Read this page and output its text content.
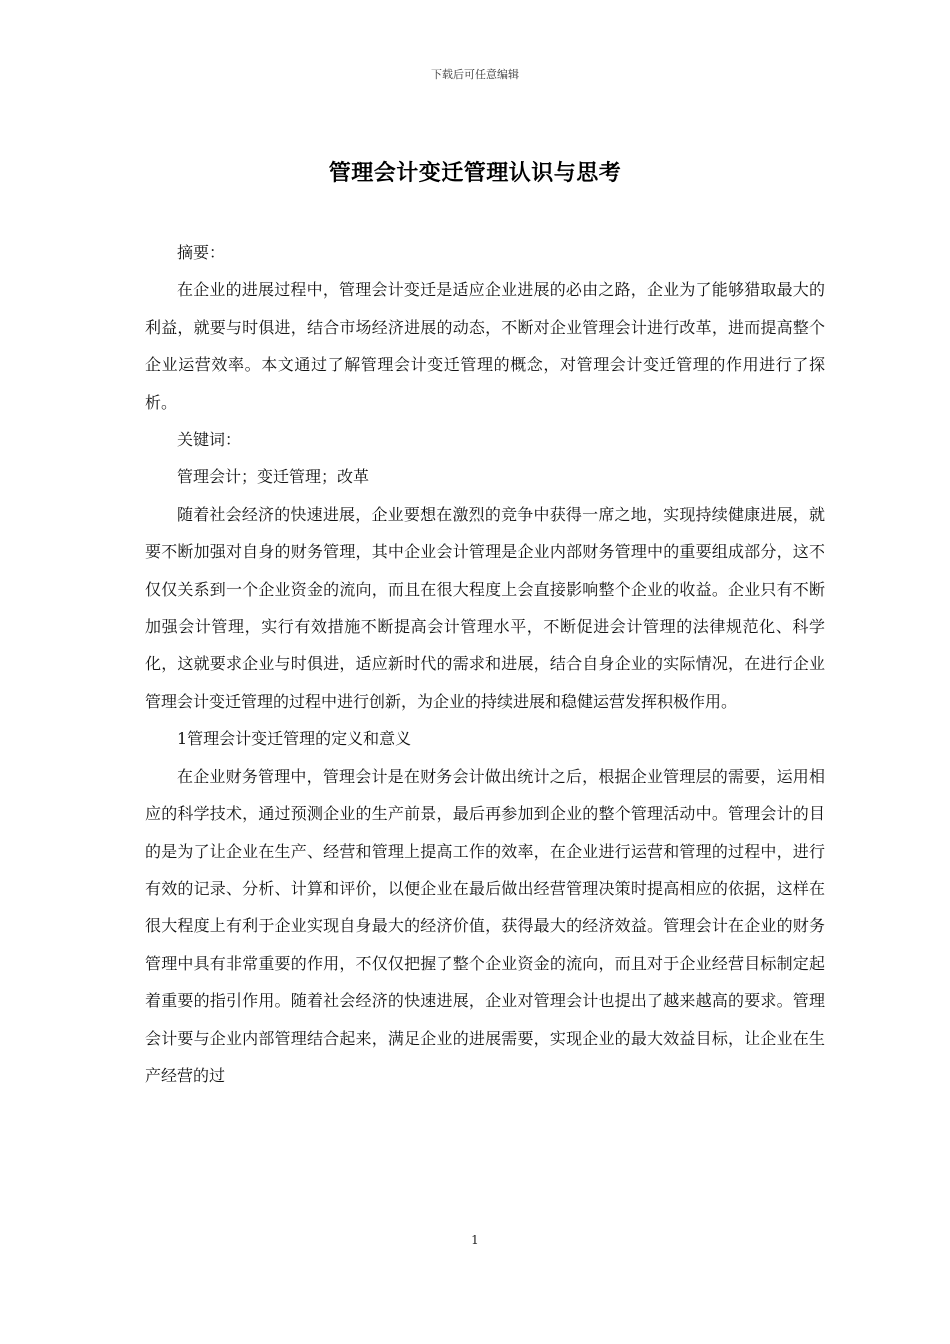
下载后可任意编辑
管理会计变迁管理认识与思考

摘要：

在企业的进展过程中，管理会计变迁是适应企业进展的必由之路，企业为了能够猎取最大的利益，就要与时俱进，结合市场经济进展的动态，不断对企业管理会计进行改革，进而提高整个企业运营效率。本文通过了解管理会计变迁管理的概念，对管理会计变迁管理的作用进行了探析。

关键词：

管理会计；变迁管理；改革

随着社会经济的快速进展，企业要想在激烈的竞争中获得一席之地，实现持续健康进展，就要不断加强对自身的财务管理，其中企业会计管理是企业内部财务管理中的重要组成部分，这不仅仅关系到一个企业资金的流向，而且在很大程度上会直接影响整个企业的收益。企业只有不断加强会计管理，实行有效措施不断提高会计管理水平，不断促进会计管理的法律规范化、科学化，这就要求企业与时俱进，适应新时代的需求和进展，结合自身企业的实际情况，在进行企业管理会计变迁管理的过程中进行创新，为企业的持续进展和稳健运营发挥积极作用。

1管理会计变迁管理的定义和意义

在企业财务管理中，管理会计是在财务会计做出统计之后，根据企业管理层的需要，运用相应的科学技术，通过预测企业的生产前景，最后再参加到企业的整个管理活动中。管理会计的目的是为了让企业在生产、经营和管理上提高工作的效率，在企业进行运营和管理的过程中，进行有效的记录、分析、计算和评价，以便企业在最后做出经营管理决策时提高相应的依据，这样在很大程度上有利于企业实现自身最大的经济价值，获得最大的经济效益。管理会计在企业的财务管理中具有非常重要的作用，不仅仅把握了整个企业资金的流向，而且对于企业经营目标制定起着重要的指引作用。随着社会经济的快速进展，企业对管理会计也提出了越来越高的要求。管理会计要与企业内部管理结合起来，满足企业的进展需要，实现企业的最大效益目标，让企业在生产经营的过

1
